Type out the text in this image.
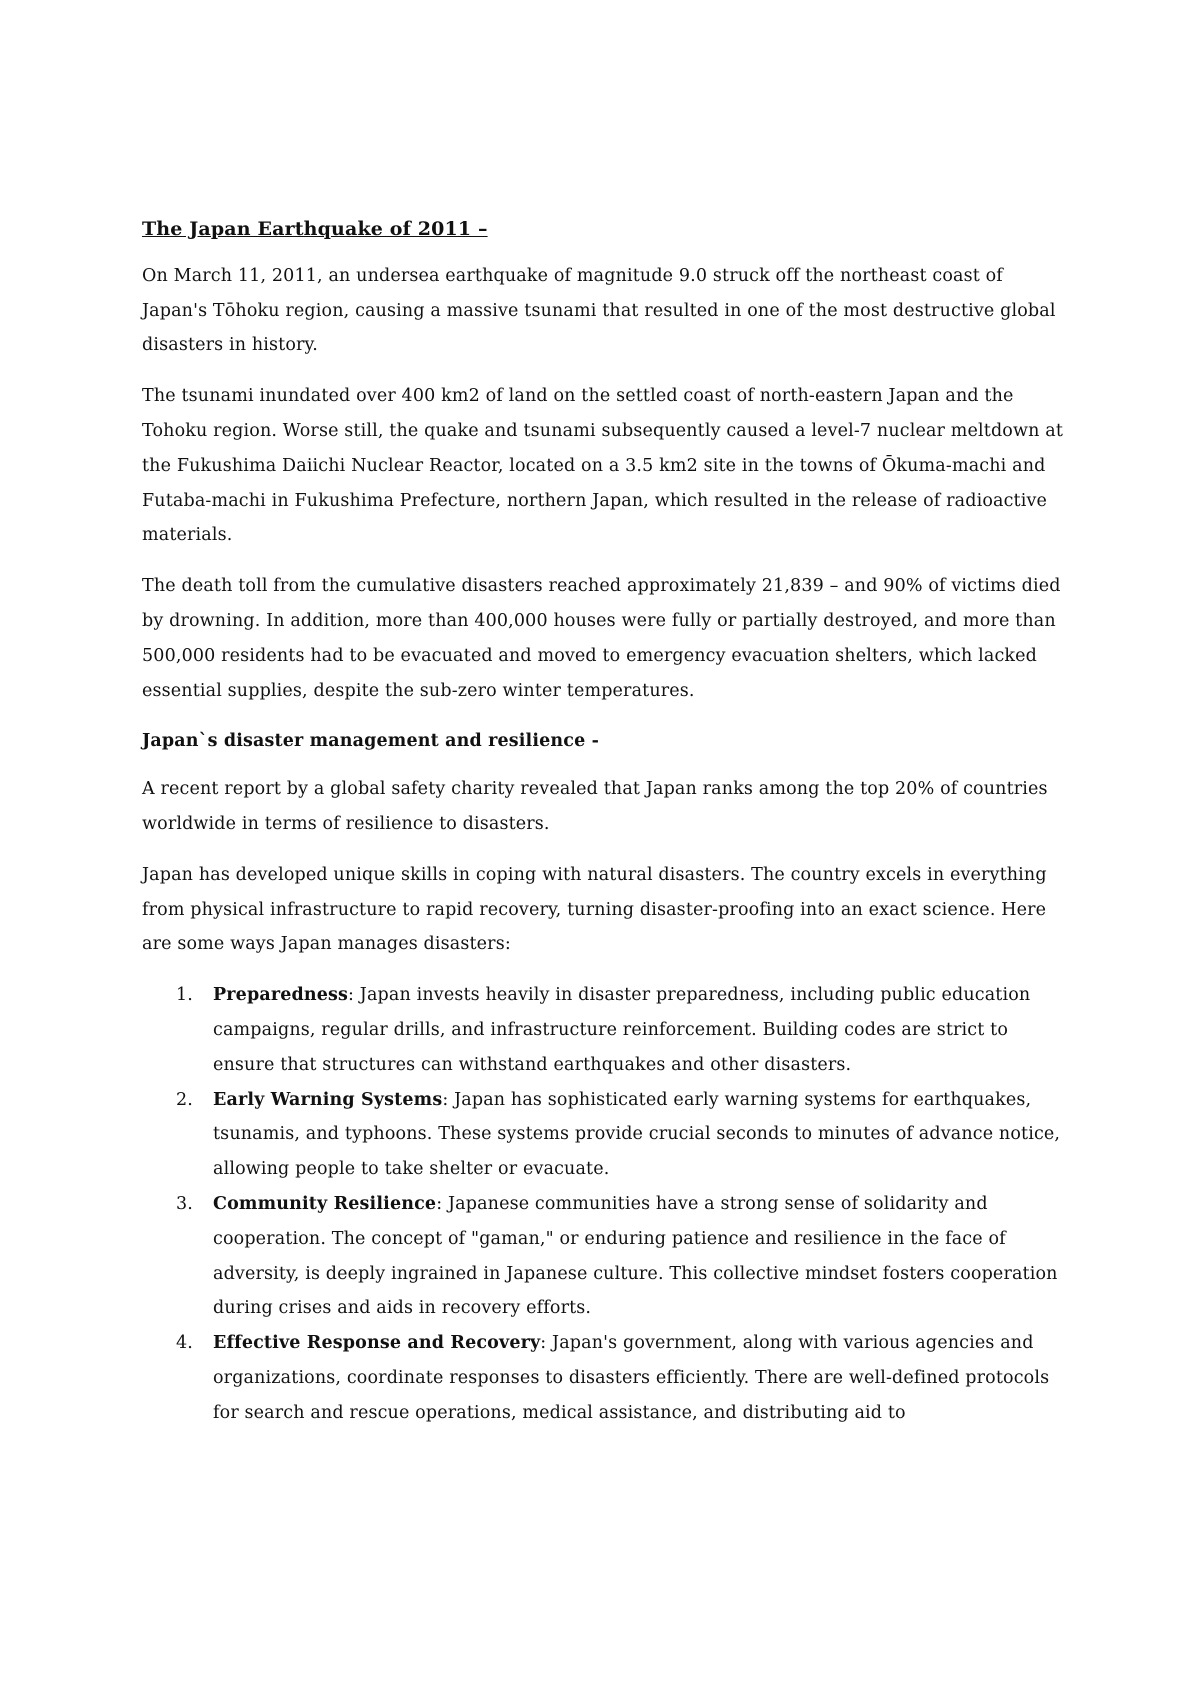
The Japan Earthquake of 2011 –

On March 11, 2011, an undersea earthquake of magnitude 9.0 struck off the northeast coast of Japan's Tōhoku region, causing a massive tsunami that resulted in one of the most destructive global disasters in history.

The tsunami inundated over 400 km2 of land on the settled coast of north-eastern Japan and the Tohoku region. Worse still, the quake and tsunami subsequently caused a level-7 nuclear meltdown at the Fukushima Daiichi Nuclear Reactor, located on a 3.5 km2 site in the towns of Ōkuma-machi and Futaba-machi in Fukushima Prefecture, northern Japan, which resulted in the release of radioactive materials.

The death toll from the cumulative disasters reached approximately 21,839 – and 90% of victims died by drowning. In addition, more than 400,000 houses were fully or partially destroyed, and more than 500,000 residents had to be evacuated and moved to emergency evacuation shelters, which lacked essential supplies, despite the sub-zero winter temperatures.

Japan`s disaster management and resilience -

A recent report by a global safety charity revealed that Japan ranks among the top 20% of countries worldwide in terms of resilience to disasters.

Japan has developed unique skills in coping with natural disasters. The country excels in everything from physical infrastructure to rapid recovery, turning disaster-proofing into an exact science. Here are some ways Japan manages disasters:

1. Preparedness: Japan invests heavily in disaster preparedness, including public education campaigns, regular drills, and infrastructure reinforcement. Building codes are strict to ensure that structures can withstand earthquakes and other disasters.
2. Early Warning Systems: Japan has sophisticated early warning systems for earthquakes, tsunamis, and typhoons. These systems provide crucial seconds to minutes of advance notice, allowing people to take shelter or evacuate.
3. Community Resilience: Japanese communities have a strong sense of solidarity and cooperation. The concept of "gaman," or enduring patience and resilience in the face of adversity, is deeply ingrained in Japanese culture. This collective mindset fosters cooperation during crises and aids in recovery efforts.
4. Effective Response and Recovery: Japan's government, along with various agencies and organizations, coordinate responses to disasters efficiently. There are well-defined protocols for search and rescue operations, medical assistance, and distributing aid to
